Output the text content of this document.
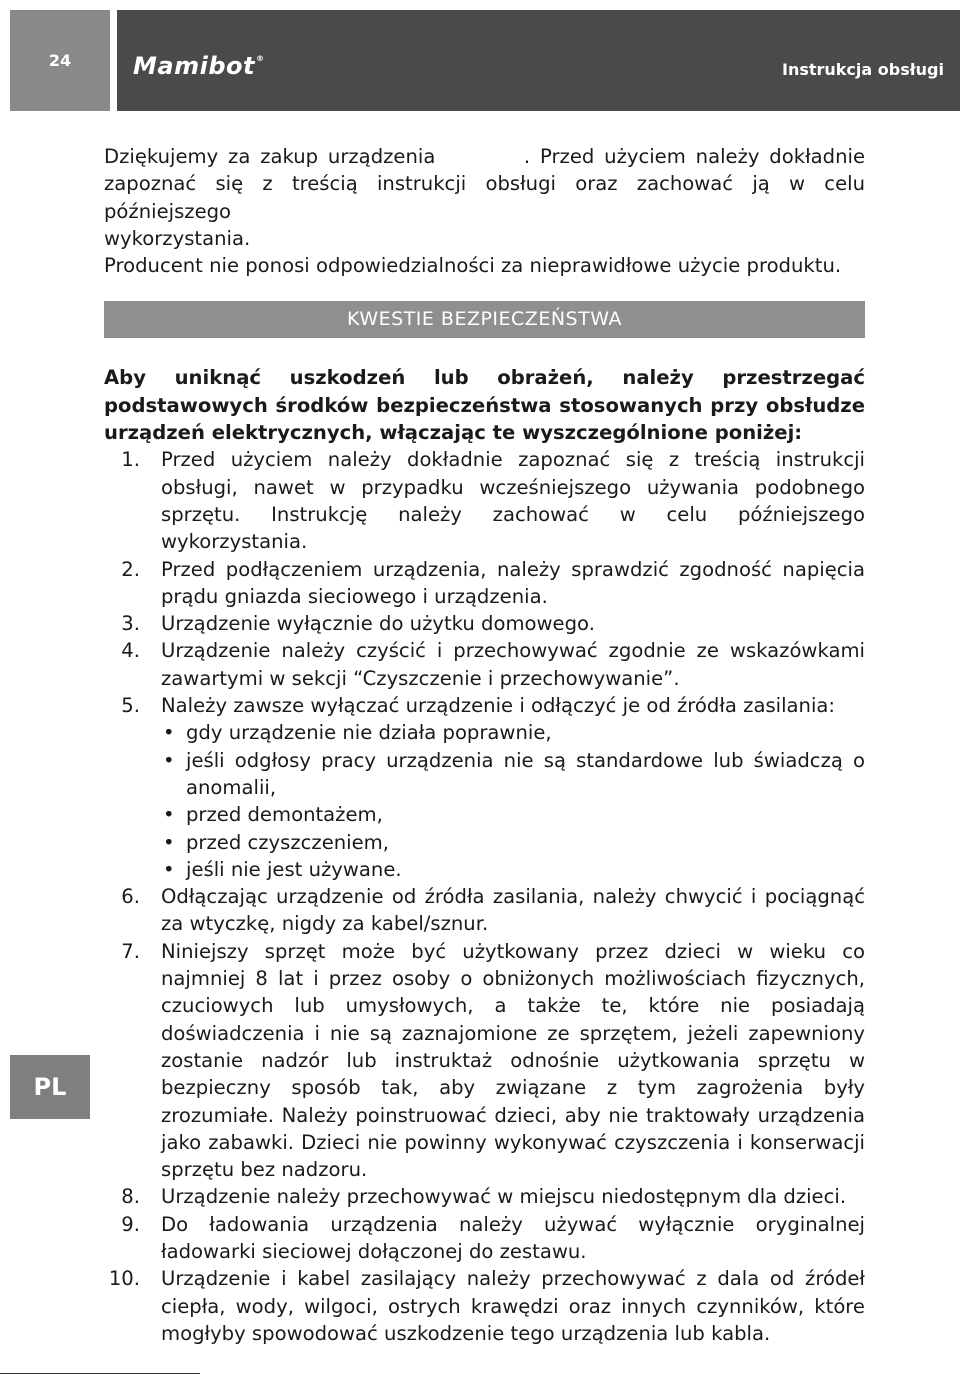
24	Mamibot®
Instrukcja obsługi

Dziękujemy za zakup urządzenia         . Przed użyciem należy dokładnie

zapoznać się z treścią instrukcji obsługi oraz zachować ją w celu późniejszego

wykorzystania.

Producent nie ponosi odpowiedzialności za nieprawidłowe użycie produktu.

KWESTIE BEZPIECZEŃSTWA

Aby uniknąć uszkodzeń lub obrażeń, należy przestrzegać podstawowych środków bezpieczeństwa stosowanych przy obsłudze urządzeń elektrycznych, włączając te wyszczególnione poniżej:

1. Przed użyciem należy dokładnie zapoznać się z treścią instrukcji obsługi, nawet w przypadku wcześniejszego używania podobnego sprzętu. Instrukcję należy zachować w celu późniejszego wykorzystania.
2. Przed podłączeniem urządzenia, należy sprawdzić zgodność napięcia prądu gniazda sieciowego i urządzenia.
3. Urządzenie wyłącznie do użytku domowego.
4. Urządzenie należy czyścić i przechowywać zgodnie ze wskazówkami zawartymi w sekcji “Czyszczenie i przechowywanie”.
5. Należy zawsze wyłączać urządzenie i odłączyć je od źródła zasilania:
• gdy urządzenie nie działa poprawnie,
• jeśli odgłosy pracy urządzenia nie są standardowe lub świadczą o anomalii,
• przed demontażem,
• przed czyszczeniem,
• jeśli nie jest używane.
6. Odłączając urządzenie od źródła zasilania, należy chwycić i pociągnąć za wtyczkę, nigdy za kabel/sznur.
7. Niniejszy sprzęt może być użytkowany przez dzieci w wieku co najmniej 8 lat i przez osoby o obniżonych możliwościach fizycznych, czuciowych lub umysłowych, a także te, które nie posiadają doświadczenia i nie są zaznajomione ze sprzętem, jeżeli zapewniony zostanie nadzór lub instruktaż odnośnie użytkowania sprzętu w bezpieczny sposób tak, aby związane z tym zagrożenia były zrozumiałe. Należy poinstruować dzieci, aby nie traktowały urządzenia jako zabawki. Dzieci nie powinny wykonywać czyszczenia i konserwacji sprzętu bez nadzoru.
8. Urządzenie należy przechowywać w miejscu niedostępnym dla dzieci.
9. Do ładowania urządzenia należy używać wyłącznie oryginalnej ładowarki sieciowej dołączonej do zestawu.
10. Urządzenie i kabel zasilający należy przechowywać z dala od źródeł ciepła, wody, wilgoci, ostrych krawędzi oraz innych czynników, które mogłyby spowodować uszkodzenie tego urządzenia lub kabla.
PL
